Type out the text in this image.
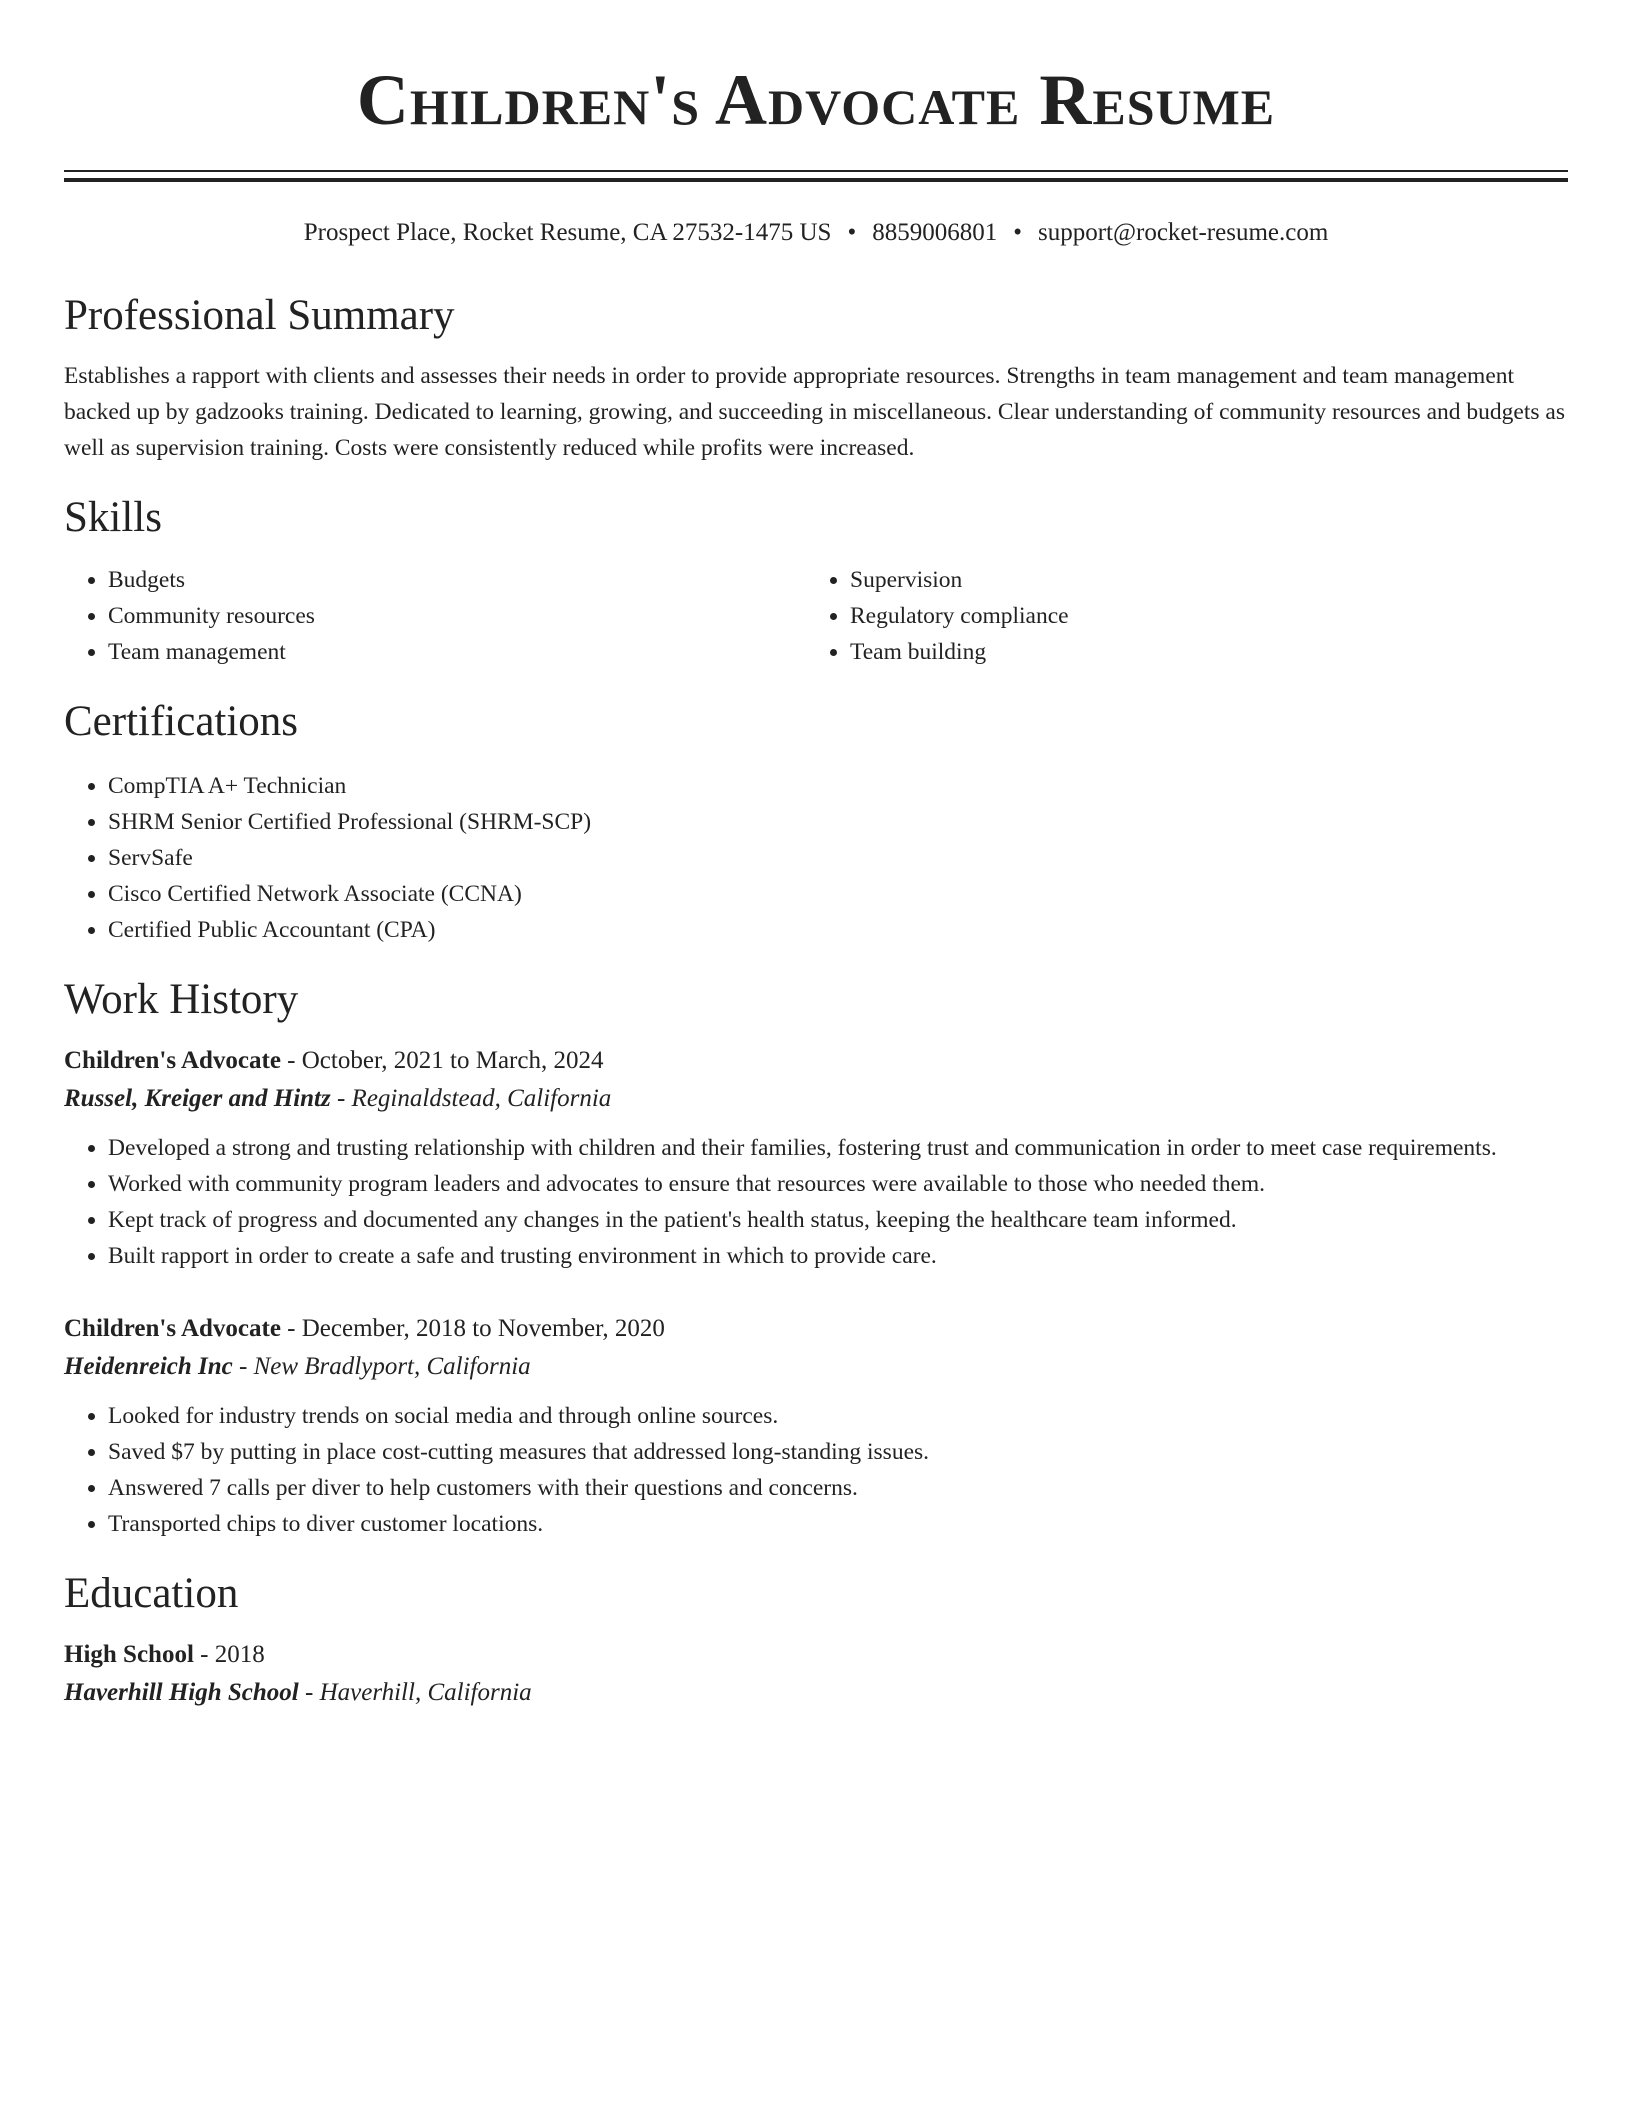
Children's Advocate Resume
Prospect Place, Rocket Resume, CA 27532-1475 US • 8859006801 • support@rocket-resume.com
Professional Summary

Establishes a rapport with clients and assesses their needs in order to provide appropriate resources. Strengths in team management and team management backed up by gadzooks training. Dedicated to learning, growing, and succeeding in miscellaneous. Clear understanding of community resources and budgets as well as supervision training. Costs were consistently reduced while profits were increased.

Skills
• Budgets
• Community resources
• Team management
• Supervision
• Regulatory compliance
• Team building
Certifications
• CompTIA A+ Technician
• SHRM Senior Certified Professional (SHRM-SCP)
• ServSafe
• Cisco Certified Network Associate (CCNA)
• Certified Public Accountant (CPA)
Work History
Children's Advocate - October, 2021 to March, 2024
Russel, Kreiger and Hintz - Reginaldstead, California
• Developed a strong and trusting relationship with children and their families, fostering trust and communication in order to meet case requirements.
• Worked with community program leaders and advocates to ensure that resources were available to those who needed them.
• Kept track of progress and documented any changes in the patient's health status, keeping the healthcare team informed.
• Built rapport in order to create a safe and trusting environment in which to provide care.
Children's Advocate - December, 2018 to November, 2020
Heidenreich Inc - New Bradlyport, California
• Looked for industry trends on social media and through online sources.
• Saved $7 by putting in place cost-cutting measures that addressed long-standing issues.
• Answered 7 calls per diver to help customers with their questions and concerns.
• Transported chips to diver customer locations.
Education
High School - 2018
Haverhill High School - Haverhill, California
